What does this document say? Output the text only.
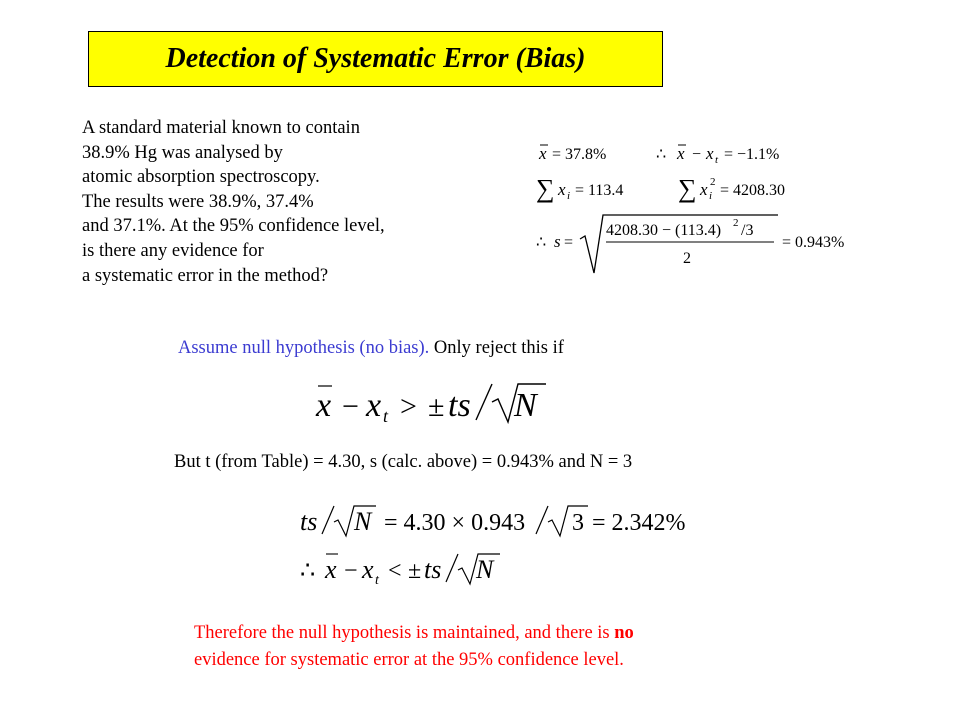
Detection of Systematic Error (Bias)
A standard material known to contain
38.9% Hg was analysed by
atomic absorption spectroscopy.
The results were 38.9%, 37.4%
and 37.1%. At the 95% confidence level,
is there any evidence for
a systematic error in the method?
x = 37.8%	∴ x − x t = −1.1%
∑ x i = 113.4 ∑ x i
2 = 4208.30
∴ s =
4208.30 − (113.4) 2 /3
2
= 0.943%
Assume null hypothesis (no bias). Only reject this if
x − x t > ± ts N
But t (from Table) = 4.30, s (calc. above) = 0.943% and N = 3
ts N = 4.30 × 0.943 3 = 2.342%
∴ x − x t < ± ts N
Therefore the null hypothesis is maintained, and there is no
evidence for systematic error at the 95% confidence level.
